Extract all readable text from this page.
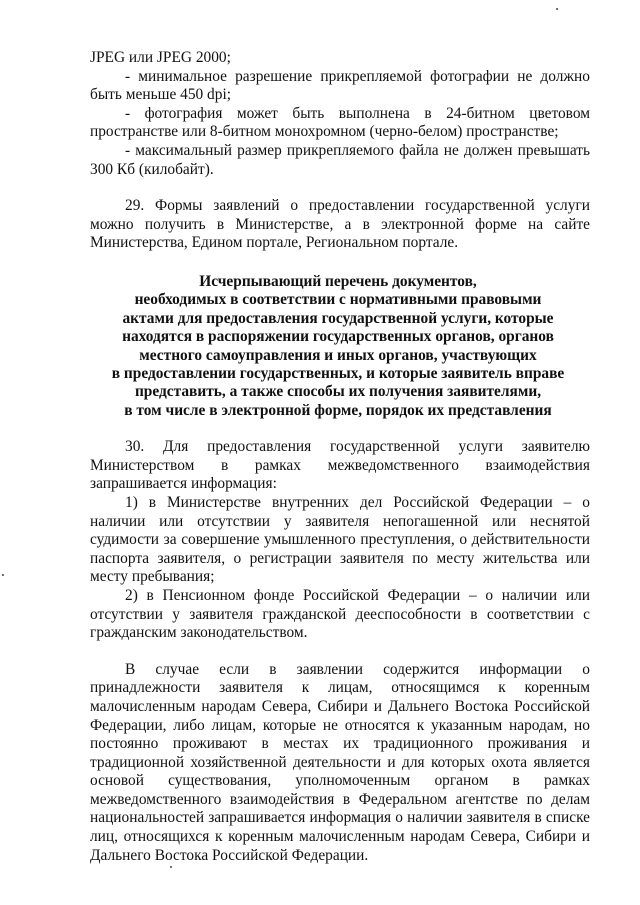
JPEG или JPEG 2000;

- минимальное разрешение прикрепляемой фотографии не должно быть меньше 450 dpi;

- фотография может быть выполнена в 24-битном цветовом пространстве или 8-битном монохромном (черно-белом) пространстве;

- максимальный размер прикрепляемого файла не должен превышать 300 Кб (килобайт).

29. Формы заявлений о предоставлении государственной услуги можно получить в Министерстве, а в электронной форме на сайте Министерства, Едином портале, Региональном портале.

Исчерпывающий перечень документов,
необходимых в соответствии с нормативными правовыми
актами для предоставления государственной услуги, которые
находятся в распоряжении государственных органов, органов
местного самоуправления и иных органов, участвующих
в предоставлении государственных, и которые заявитель вправе
представить, а также способы их получения заявителями,
в том числе в электронной форме, порядок их представления

30. Для предоставления государственной услуги заявителю Министерством в рамках межведомственного взаимодействия запрашивается информация:

1) в Министерстве внутренних дел Российской Федерации – о наличии или отсутствии у заявителя непогашенной или неснятой судимости за совершение умышленного преступления, о действительности паспорта заявителя, о регистрации заявителя по месту жительства или месту пребывания;

2) в Пенсионном фонде Российской Федерации – о наличии или отсутствии у заявителя гражданской дееспособности в соответствии с гражданским законодательством.

В случае если в заявлении содержится информации о принадлежности заявителя к лицам, относящимся к коренным малочисленным народам Севера, Сибири и Дальнего Востока Российской Федерации, либо лицам, которые не относятся к указанным народам, но постоянно проживают в местах их традиционного проживания и традиционной хозяйственной деятельности и для которых охота является основой существования, уполномоченным органом в рамках межведомственного взаимодействия в Федеральном агентстве по делам национальностей запрашивается информация о наличии заявителя в списке лиц, относящихся к коренным малочисленным народам Севера, Сибири и Дальнего Востока Российской Федерации.
